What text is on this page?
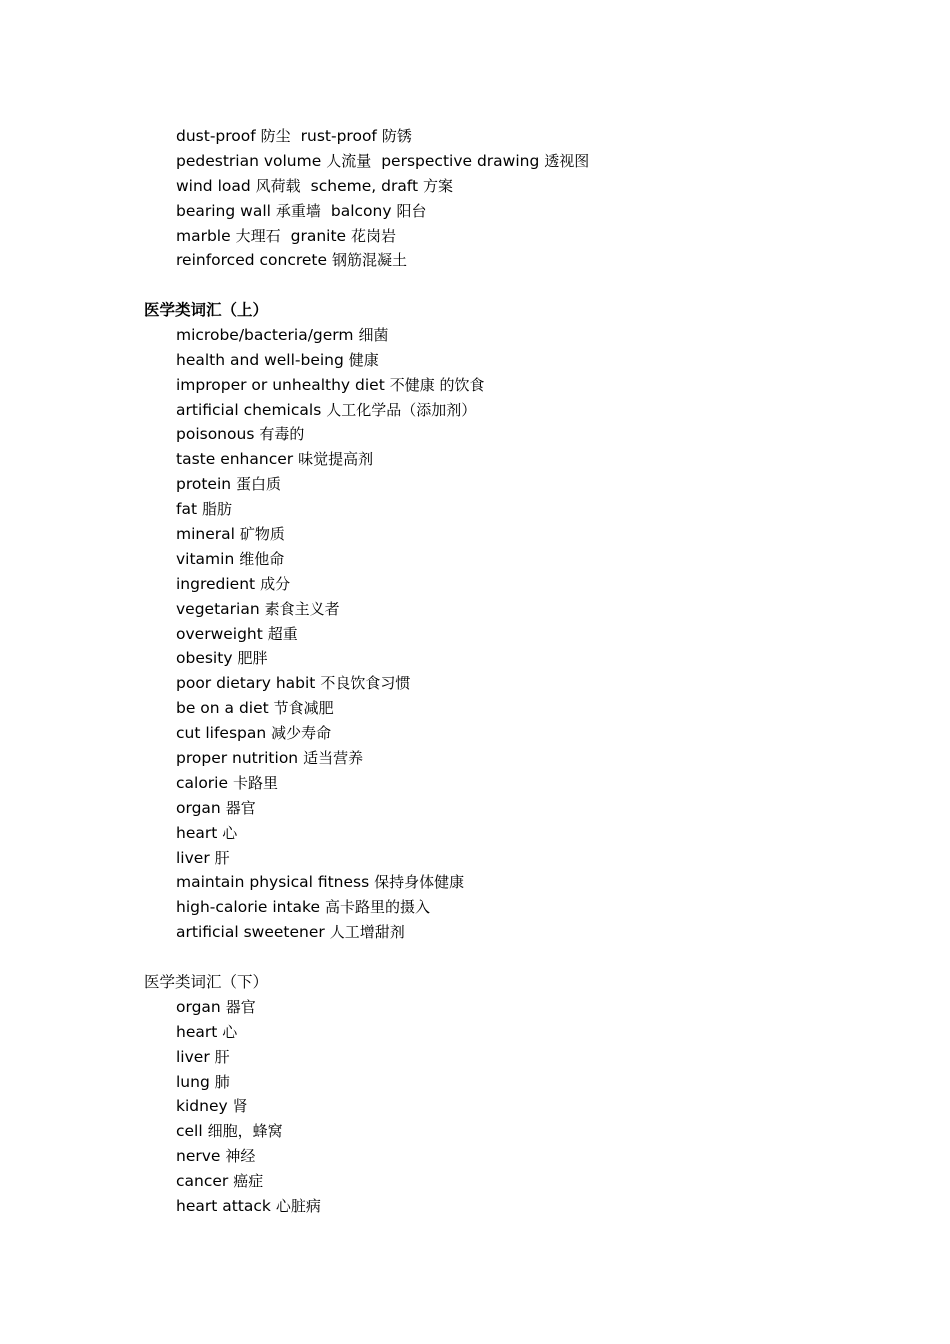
dust-proof 防尘 rust-proof 防锈
pedestrian volume 人流量 perspective drawing 透视图
wind load 风荷载 scheme, draft 方案
bearing wall 承重墙 balcony 阳台
marble 大理石 granite 花岗岩
reinforced concrete 钢筋混凝土
医学类词汇（上）
microbe/bacteria/germ 细菌
health and well-being 健康
improper or unhealthy diet 不健康 的饮食
artificial chemicals 人工化学品（添加剂）
poisonous 有毒的
taste enhancer 味觉提高剂
protein 蛋白质
fat 脂肪
mineral 矿物质
vitamin 维他命
ingredient 成分
vegetarian 素食主义者
overweight 超重
obesity 肥胖
poor dietary habit 不良饮食习惯
be on a diet 节食减肥
cut lifespan 减少寿命
proper nutrition 适当营养
calorie 卡路里
organ 器官
heart 心
liver 肝
maintain physical fitness 保持身体健康
high-calorie intake 高卡路里的摄入
artificial sweetener 人工增甜剂
医学类词汇（下）
organ 器官
heart 心
liver 肝
lung 肺
kidney 肾
cell 细胞，蜂窝
nerve 神经
cancer 癌症
heart attack 心脏病
